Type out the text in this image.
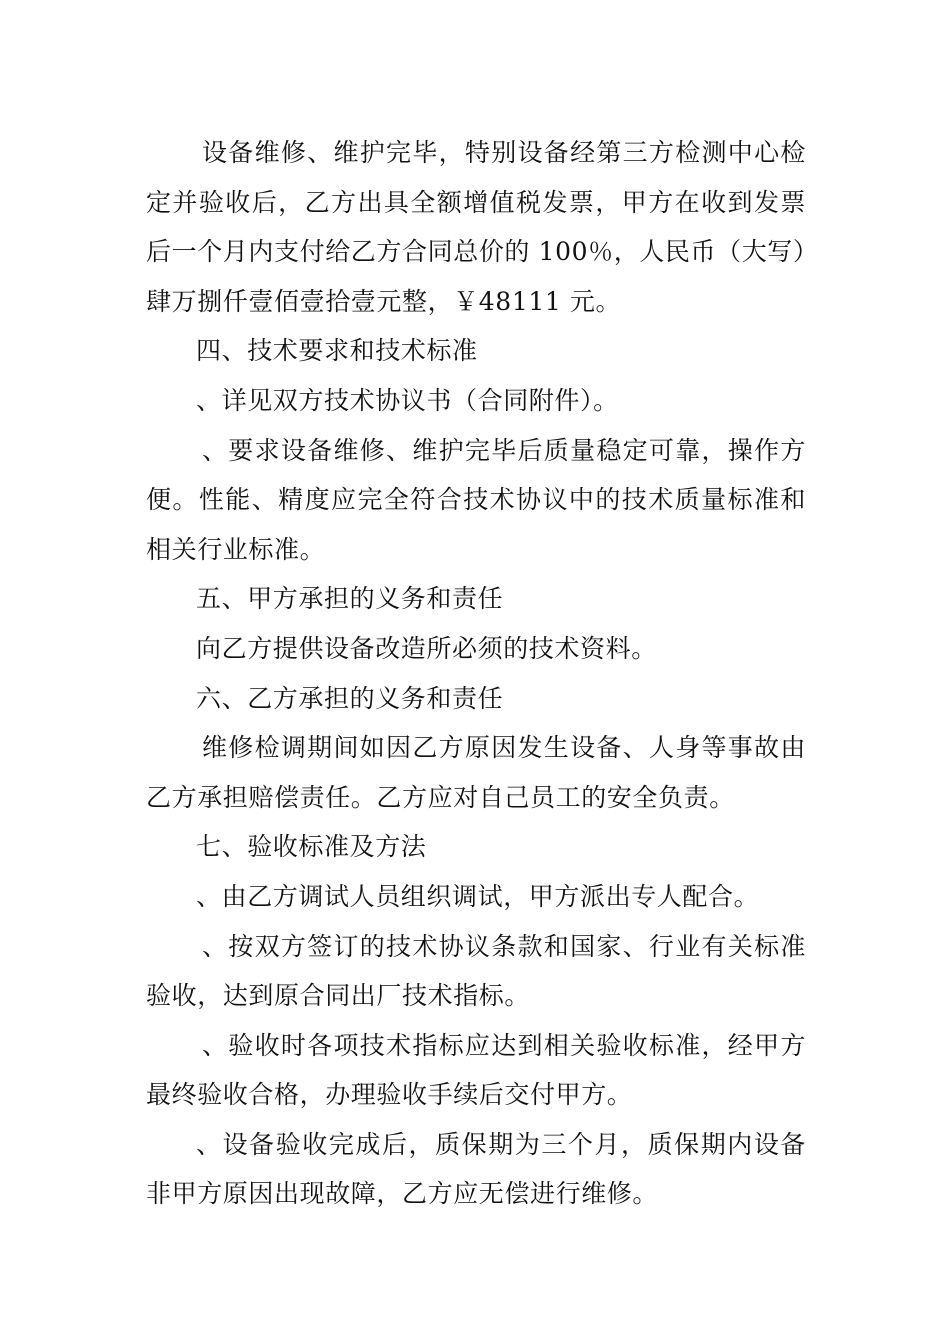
设备维修、维护完毕，特别设备经第三方检测中心检定并验收后，乙方出具全额增值税发票，甲方在收到发票后一个月内支付给乙方合同总价的 100％，人民币（大写）肆万捌仟壹佰壹拾壹元整，￥48111 元。

四、技术要求和技术标准

、详见双方技术协议书（合同附件）。

、要求设备维修、维护完毕后质量稳定可靠，操作方便。性能、精度应完全符合技术协议中的技术质量标准和相关行业标准。

五、甲方承担的义务和责任

向乙方提供设备改造所必须的技术资料。

六、乙方承担的义务和责任

维修检调期间如因乙方原因发生设备、人身等事故由乙方承担赔偿责任。乙方应对自己员工的安全负责。

七、验收标准及方法

、由乙方调试人员组织调试，甲方派出专人配合。

、按双方签订的技术协议条款和国家、行业有关标准验收，达到原合同出厂技术指标。

、验收时各项技术指标应达到相关验收标准，经甲方最终验收合格，办理验收手续后交付甲方。

、设备验收完成后，质保期为三个月，质保期内设备非甲方原因出现故障，乙方应无偿进行维修。
